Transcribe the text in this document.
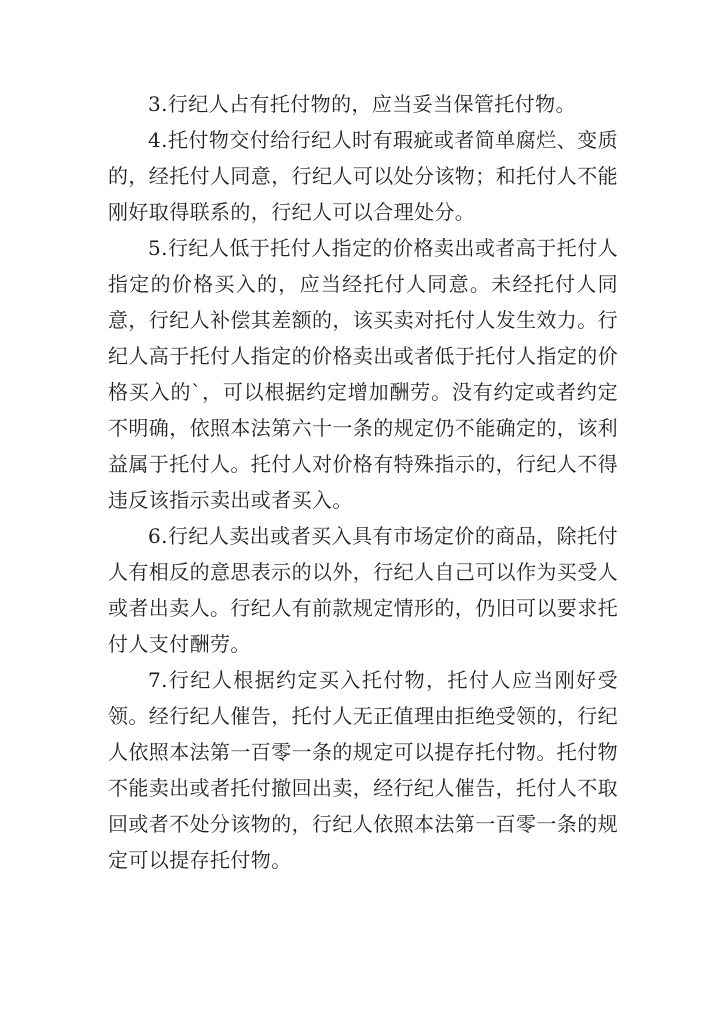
3.行纪人占有托付物的，应当妥当保管托付物。

4.托付物交付给行纪人时有瑕疵或者简单腐烂、变质的，经托付人同意，行纪人可以处分该物；和托付人不能刚好取得联系的，行纪人可以合理处分。

5.行纪人低于托付人指定的价格卖出或者高于托付人指定的价格买入的，应当经托付人同意。未经托付人同意，行纪人补偿其差额的，该买卖对托付人发生效力。行纪人高于托付人指定的价格卖出或者低于托付人指定的价格买入的`，可以根据约定增加酬劳。没有约定或者约定不明确，依照本法第六十一条的规定仍不能确定的，该利益属于托付人。托付人对价格有特殊指示的，行纪人不得违反该指示卖出或者买入。

6.行纪人卖出或者买入具有市场定价的商品，除托付人有相反的意思表示的以外，行纪人自己可以作为买受人或者出卖人。行纪人有前款规定情形的，仍旧可以要求托付人支付酬劳。

7.行纪人根据约定买入托付物，托付人应当刚好受领。经行纪人催告，托付人无正值理由拒绝受领的，行纪人依照本法第一百零一条的规定可以提存托付物。托付物不能卖出或者托付撤回出卖，经行纪人催告，托付人不取回或者不处分该物的，行纪人依照本法第一百零一条的规定可以提存托付物。
